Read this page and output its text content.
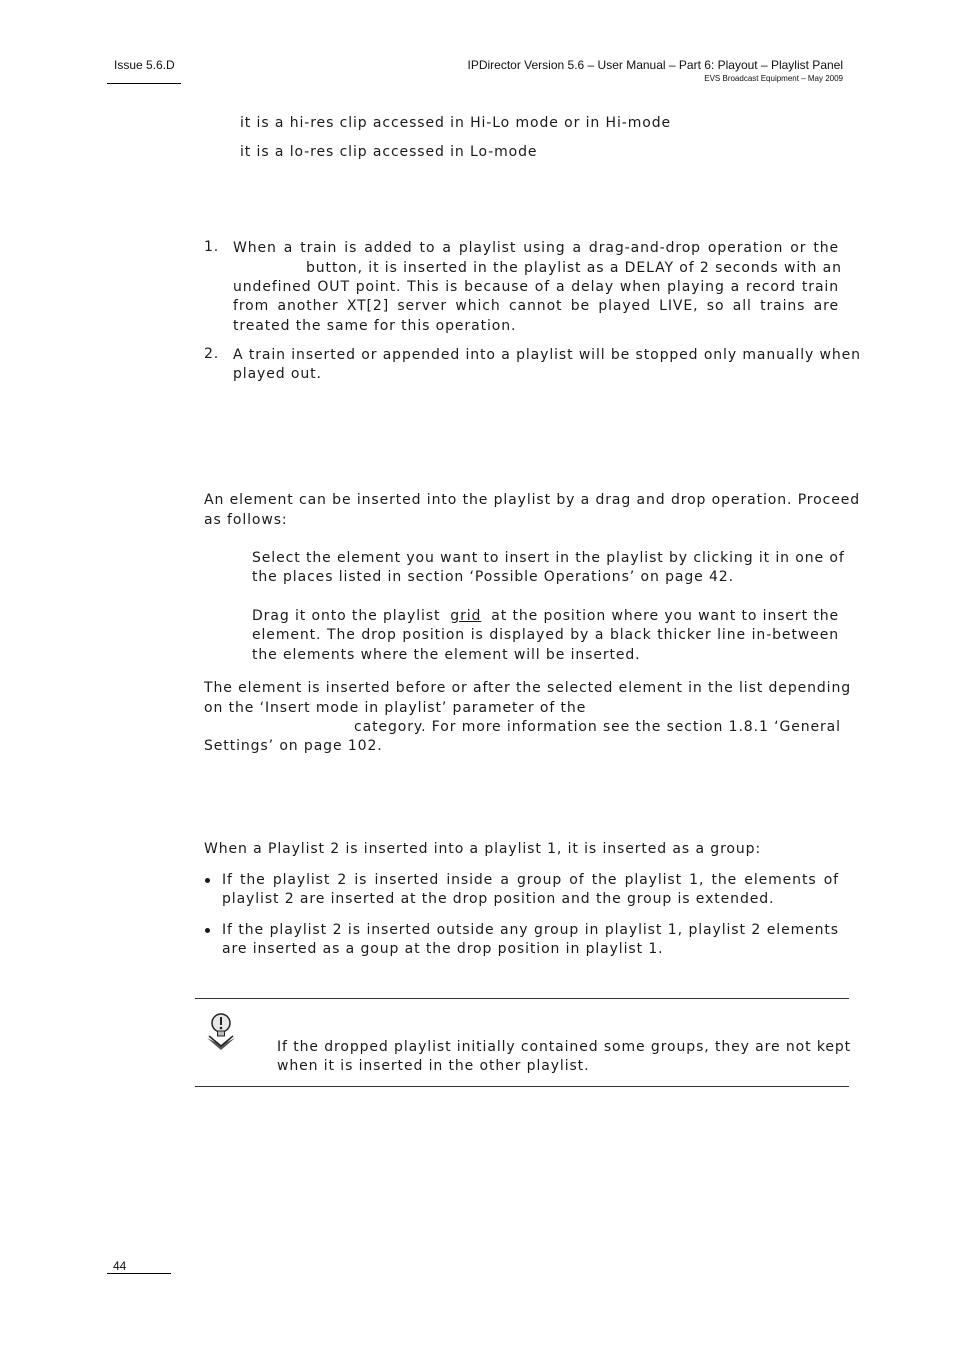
Issue 5.6.D	IPDirector Version 5.6 – User Manual – Part 6: Playout – Playlist Panel
EVS Broadcast Equipment – May 2009
it is a hi-res clip accessed in Hi-Lo mode or in Hi-mode
it is a lo-res clip accessed in Lo-mode
1. When a train is added to a playlist using a drag-and-drop operation or the
button, it is inserted in the playlist as a DELAY of 2 seconds with an
undefined OUT point. This is because of a delay when playing a record train
from another XT[2] server which cannot be played LIVE, so all trains are
treated the same for this operation.
2. A train inserted or appended into a playlist will be stopped only manually when
played out.
An element can be inserted into the playlist by a drag and drop operation. Proceed
as follows:
Select the element you want to insert in the playlist by clicking it in one of
the places listed in section ‘Possible Operations’ on page 42.
Drag it onto the playlist grid at the position where you want to insert the
element. The drop position is displayed by a black thicker line in-between
the elements where the element will be inserted.
The element is inserted before or after the selected element in the list depending
on the ‘Insert mode in playlist’ parameter of the
category. For more information see the section 1.8.1 ‘General
Settings’ on page 102.
When a Playlist 2 is inserted into a playlist 1, it is inserted as a group:
If the playlist 2 is inserted inside a group of the playlist 1, the elements of
playlist 2 are inserted at the drop position and the group is extended.
If the playlist 2 is inserted outside any group in playlist 1, playlist 2 elements
are inserted as a goup at the drop position in playlist 1.
If the dropped playlist initially contained some groups, they are not kept
when it is inserted in the other playlist.
44
